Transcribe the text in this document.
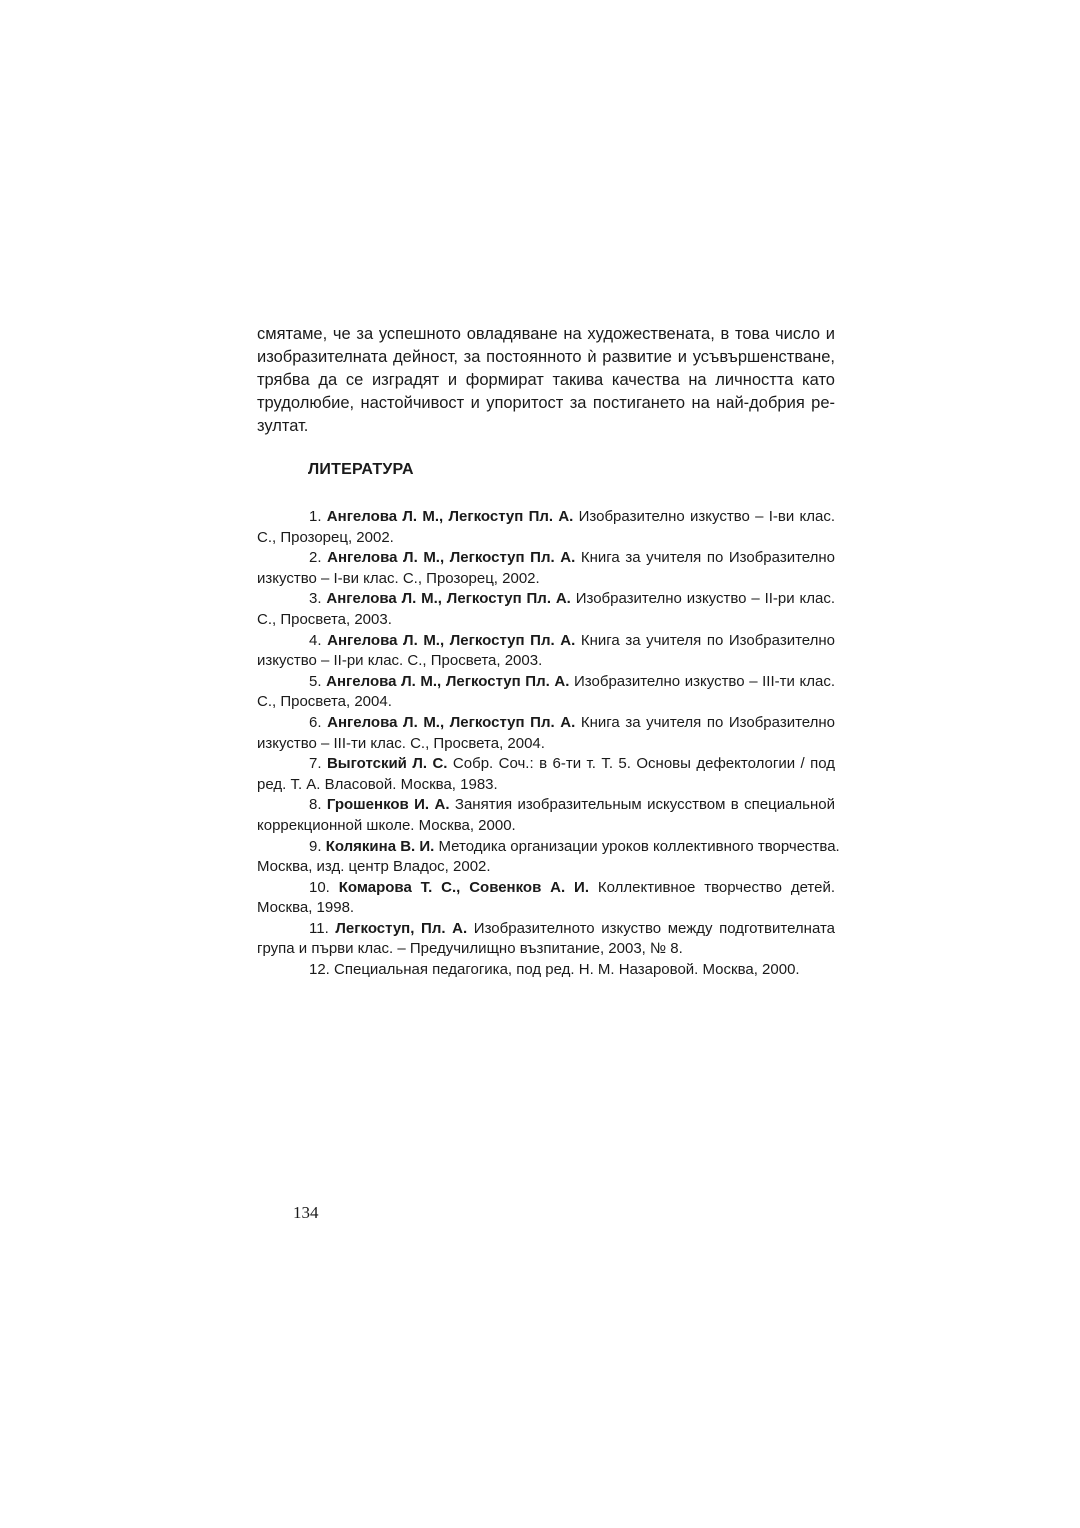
смятаме, че за успешното овладяване на художествената, в това число и
изобразителната дейност, за постоянното ѝ развитие и усъвършенстване,
трябва да се изградят и формират такива качества на личността като
трудолюбие, настойчивост и упоритост за постигането на най-добрия ре-
зултат.
ЛИТЕРАТУРА
1. Ангелова Л. М., Легкоступ Пл. А. Изобразително изкуство – I-ви клас.
С., Прозорец, 2002.
2. Ангелова Л. М., Легкоступ Пл. А. Книга за учителя по Изобразително
изкуство – I-ви клас. С., Прозорец, 2002.
3. Ангелова Л. М., Легкоступ Пл. А. Изобразително изкуство – II-ри клас.
С., Просвета, 2003.
4. Ангелова Л. М., Легкоступ Пл. А. Книга за учителя по Изобразително
изкуство – II-ри клас. С., Просвета, 2003.
5. Ангелова Л. М., Легкоступ Пл. А. Изобразително изкуство – III-ти клас.
С., Просвета, 2004.
6. Ангелова Л. М., Легкоступ Пл. А. Книга за учителя по Изобразително
изкуство – III-ти клас. С., Просвета, 2004.
7. Выготский Л. С. Собр. Соч.: в 6-ти т. Т. 5. Основы дефектологии / под
ред. Т. А. Власовой. Москва, 1983.
8. Грошенков И. А. Занятия изобразительным искусством в специальной
коррекционной школе. Москва, 2000.
9. Колякина В. И. Методика организации уроков коллективного творчества.
Москва, изд. центр Владос, 2002.
10. Комарова Т. С., Совенков А. И. Коллективное творчество детей.
Москва, 1998.
11. Легкоступ, Пл. А. Изобразителното изкуство между подготвителната
група и първи клас. – Предучилищно възпитание, 2003, № 8.
12. Специальная педагогика, под ред. Н. М. Назаровой. Москва, 2000.

134
